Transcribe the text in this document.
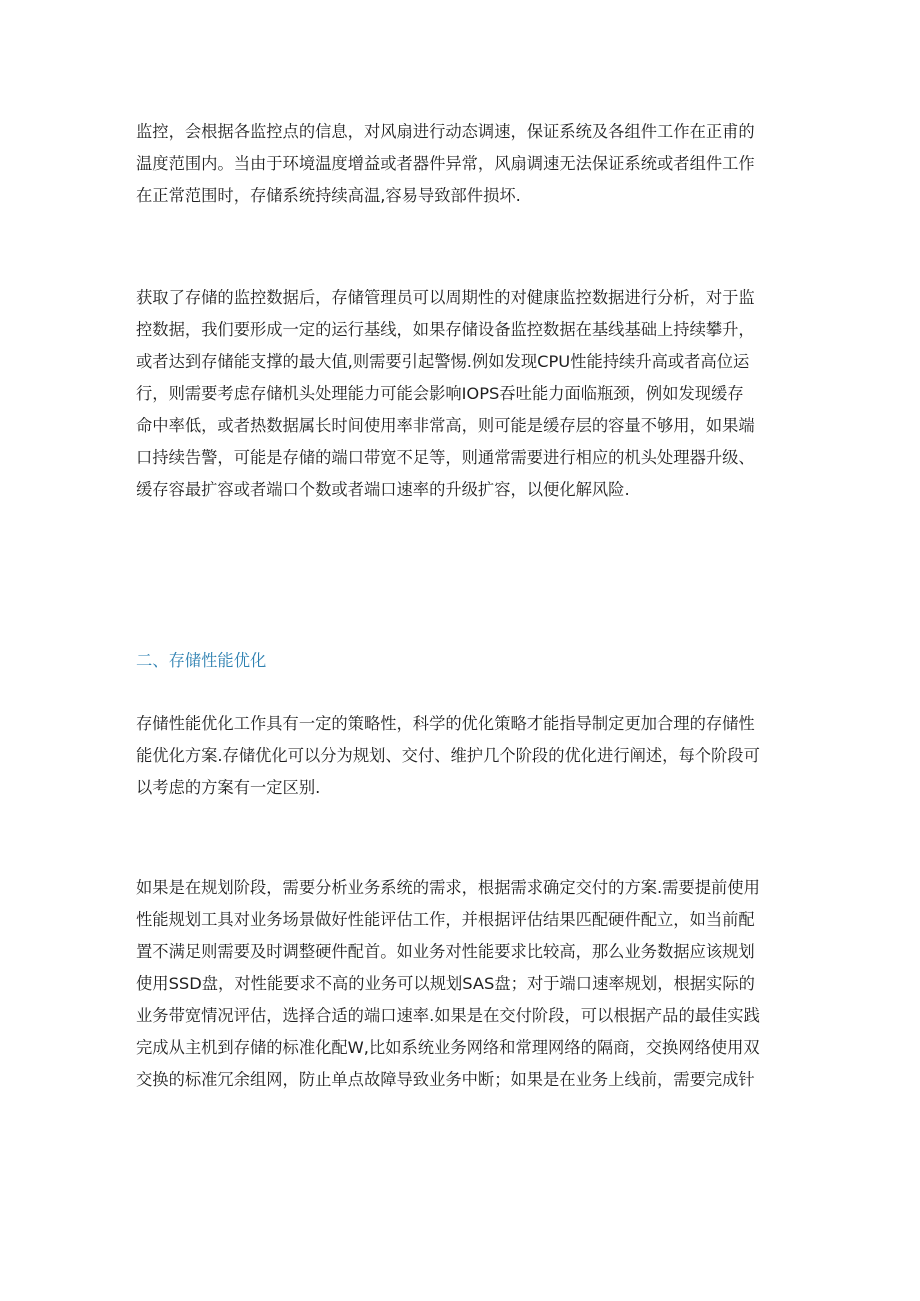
监控，会根据各监控点的信息，对风扇进行动态调速，保证系统及各组件工作在正甫的
温度范围内。当由于环境温度增益或者器件异常，风扇调速无法保证系统或者组件工作
在正常范围时，存储系统持续高温,容易导致部件损坏.
获取了存储的监控数据后，存储管理员可以周期性的对健康监控数据进行分析，对于监
控数据，我们要形成一定的运行基线，如果存储设备监控数据在基线基础上持续攀升，
或者达到存储能支撑的最大值,则需要引起警惕.例如发现CPU性能持续升高或者高位运
行，则需要考虑存储机头处理能力可能会影响IOPS吞吐能力面临瓶颈，例如发现缓存
命中率低，或者热数据属长时间使用率非常高，则可能是缓存层的容量不够用，如果端
口持续告警，可能是存储的端口带宽不足等，则通常需要进行相应的机头处理器升级、
缓存容最扩容或者端口个数或者端口速率的升级扩容，以便化解风险.
二、存储性能优化
存储性能优化工作具有一定的策略性，科学的优化策略才能指导制定更加合理的存储性
能优化方案.存储优化可以分为规划、交付、维护几个阶段的优化进行阐述，每个阶段可
以考虑的方案有一定区别.
如果是在规划阶段，需要分析业务系统的需求，根据需求确定交付的方案.需要提前使用
性能规划工具对业务场景做好性能评估工作，并根据评估结果匹配硬件配立，如当前配
置不满足则需要及时调整硬件配首。如业务对性能要求比较高，那么业务数据应该规划
使用SSD盘，对性能要求不高的业务可以规划SAS盘；对于端口速率规划，根据实际的
业务带宽情况评估，选择合适的端口速率.如果是在交付阶段，可以根据产品的最佳实践
完成从主机到存储的标准化配W,比如系统业务网络和常理网络的隔商，交换网络使用双
交换的标准冗余组网，防止单点故障导致业务中断；如果是在业务上线前，需要完成针
